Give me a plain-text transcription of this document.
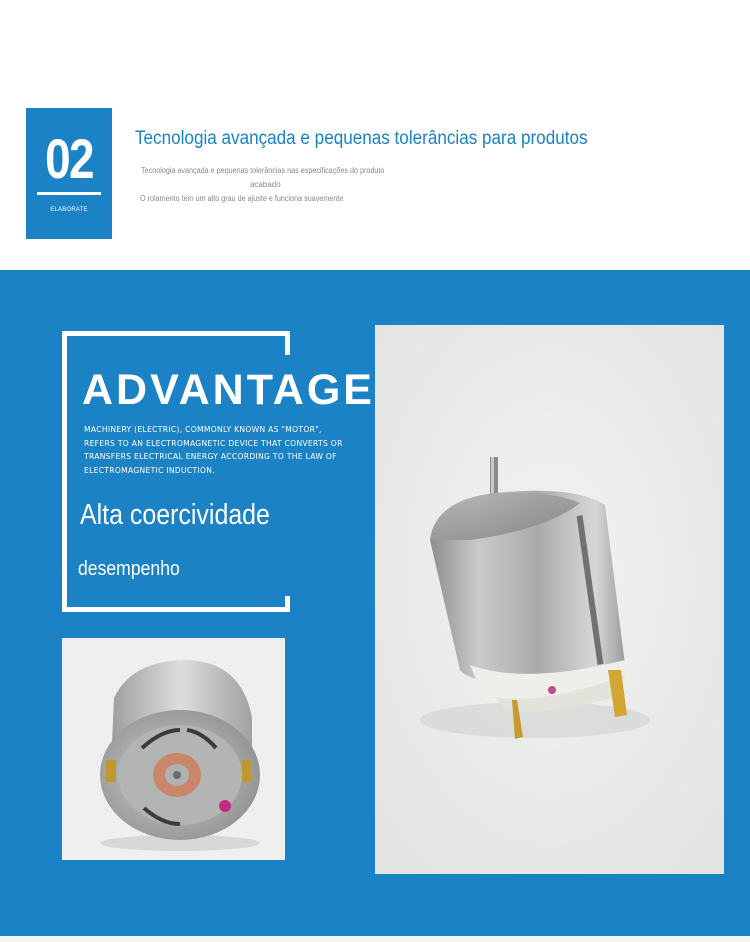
02
ELABORATE
Tecnologia avançada e pequenas tolerâncias para produtos
Tecnologia avançada e pequenas tolerâncias nas especificações do produto
acabado
O rolamento tem um alto grau de ajuste e funciona suavemente
ADVANTAGE
MACHINERY (ELECTRIC), COMMONLY KNOWN AS "MOTOR", REFERS TO AN ELECTROMAGNETIC DEVICE THAT CONVERTS OR TRANSFERS ELECTRICAL ENERGY ACCORDING TO THE LAW OF ELECTROMAGNETIC INDUCTION.
Alta coercividade
desempenho
